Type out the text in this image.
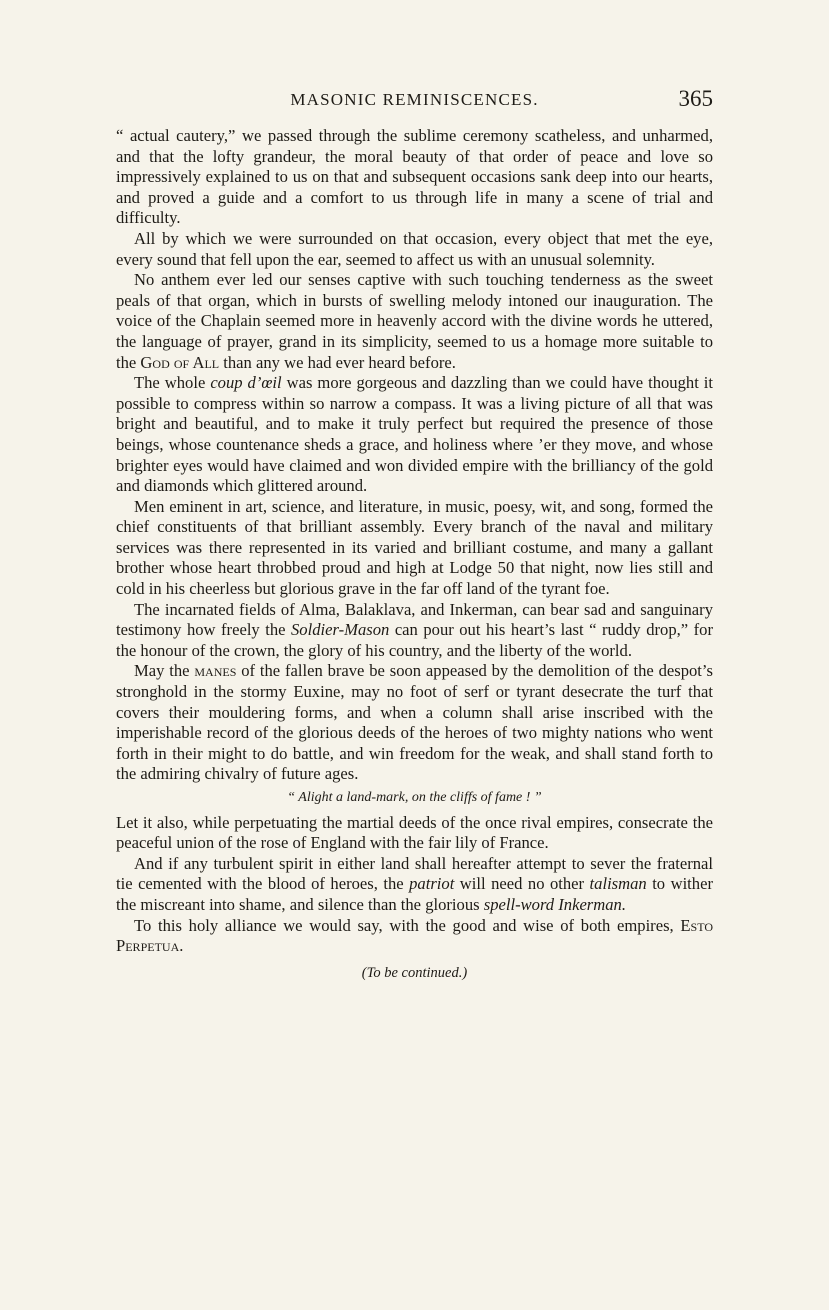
MASONIC REMINISCENCES.	365

“ actual cautery,” we passed through the sublime ceremony scatheless, and unharmed, and that the lofty grandeur, the moral beauty of that order of peace and love so impressively explained to us on that and subsequent occasions sank deep into our hearts, and proved a guide and a comfort to us through life in many a scene of trial and difficulty.

All by which we were surrounded on that occasion, every object that met the eye, every sound that fell upon the ear, seemed to affect us with an unusual solemnity.

No anthem ever led our senses captive with such touching tenderness as the sweet peals of that organ, which in bursts of swelling melody intoned our inauguration. The voice of the Chaplain seemed more in heavenly accord with the divine words he uttered, the language of prayer, grand in its simplicity, seemed to us a homage more suitable to the God of All than any we had ever heard before.

The whole coup d’œil was more gorgeous and dazzling than we could have thought it possible to compress within so narrow a compass. It was a living picture of all that was bright and beautiful, and to make it truly perfect but required the presence of those beings, whose countenance sheds a grace, and holiness where ’er they move, and whose brighter eyes would have claimed and won divided empire with the brilliancy of the gold and diamonds which glittered around.

Men eminent in art, science, and literature, in music, poesy, wit, and song, formed the chief constituents of that brilliant assembly. Every branch of the naval and military services was there represented in its varied and brilliant costume, and many a gallant brother whose heart throbbed proud and high at Lodge 50 that night, now lies still and cold in his cheerless but glorious grave in the far off land of the tyrant foe.

The incarnated fields of Alma, Balaklava, and Inkerman, can bear sad and sanguinary testimony how freely the Soldier-Mason can pour out his heart’s last “ ruddy drop,” for the honour of the crown, the glory of his country, and the liberty of the world.

May the manes of the fallen brave be soon appeased by the demolition of the despot’s stronghold in the stormy Euxine, may no foot of serf or tyrant desecrate the turf that covers their mouldering forms, and when a column shall arise inscribed with the imperishable record of the glorious deeds of the heroes of two mighty nations who went forth in their might to do battle, and win freedom for the weak, and shall stand forth to the admiring chivalry of future ages.

“ Alight a land-mark, on the cliffs of fame ! ”

Let it also, while perpetuating the martial deeds of the once rival empires, consecrate the peaceful union of the rose of England with the fair lily of France.

And if any turbulent spirit in either land shall hereafter attempt to sever the fraternal tie cemented with the blood of heroes, the patriot will need no other talisman to wither the miscreant into shame, and silence than the glorious spell-word Inkerman.

To this holy alliance we would say, with the good and wise of both empires, Esto Perpetua.

(To be continued.)
